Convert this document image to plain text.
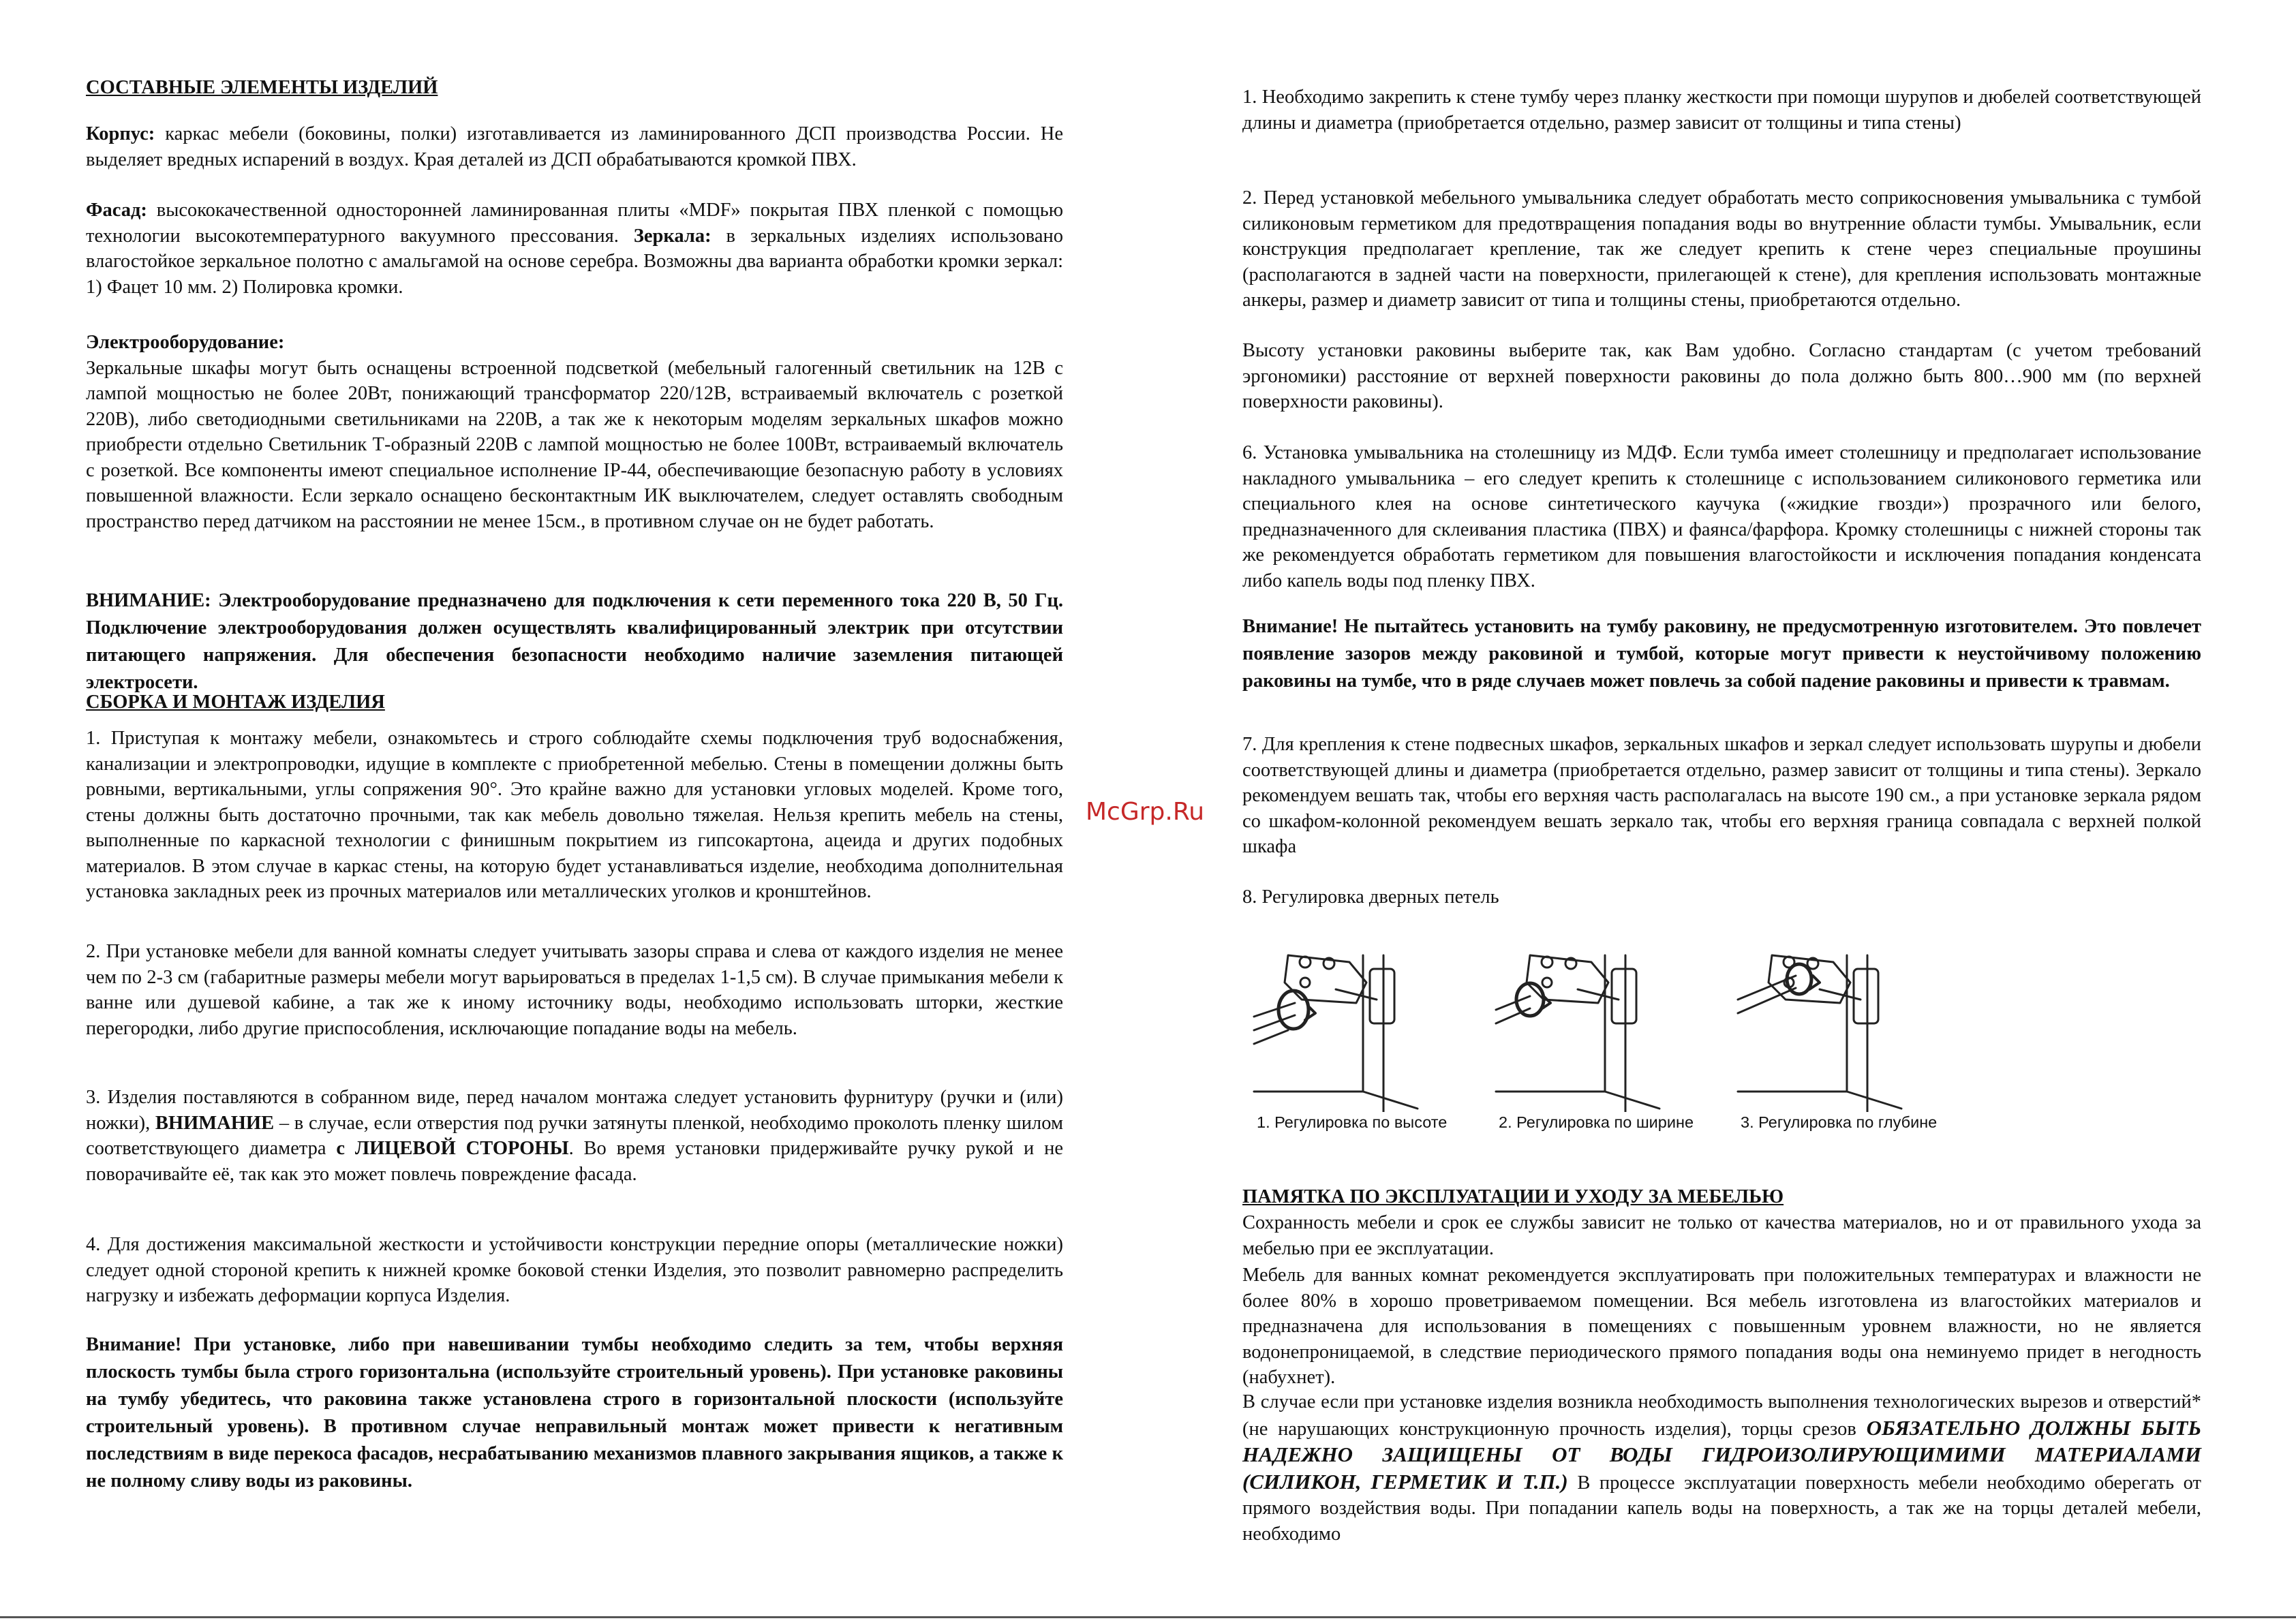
СОСТАВНЫЕ ЭЛЕМЕНТЫ ИЗДЕЛИЙ

Корпус: каркас мебели (боковины, полки) изготавливается из ламинированного ДСП производства России. Не выделяет вредных испарений в воздух. Края деталей из ДСП обрабатываются кромкой ПВХ.

Фасад: высококачественной односторонней ламинированная плиты «MDF» покрытая ПВХ пленкой с помощью технологии высокотемпературного вакуумного прессования. Зеркала: в зеркальных изделиях использовано влагостойкое зеркальное полотно с амальгамой на основе серебра. Возможны два варианта обработки кромки зеркал: 1) Фацет 10 мм. 2) Полировка кромки.

Электрооборудование:
Зеркальные шкафы могут быть оснащены встроенной подсветкой (мебельный галогенный светильник на 12В с лампой мощностью не более 20Вт, понижающий трансформатор 220/12В, встраиваемый включатель с розеткой 220В), либо светодиодными светильниками на 220В, а так же к некоторым моделям зеркальных шкафов можно приобрести отдельно Светильник Т-образный 220В с лампой мощностью не более 100Вт, встраиваемый включатель с розеткой. Все компоненты имеют специальное исполнение IP-44, обеспечивающие безопасную работу в условиях повышенной влажности. Если зеркало оснащено бесконтактным ИК выключателем, следует оставлять свободным пространство перед датчиком на расстоянии не менее 15см., в противном случае он не будет работать.

ВНИМАНИЕ: Электрооборудование предназначено для подключения к сети переменного тока 220 В, 50 Гц. Подключение электрооборудования должен осуществлять квалифицированный электрик при отсутствии питающего напряжения. Для обеспечения безопасности необходимо наличие заземления питающей электросети.

СБОРКА И МОНТАЖ ИЗДЕЛИЯ

1. Приступая к монтажу мебели, ознакомьтесь и строго соблюдайте схемы подключения труб водоснабжения, канализации и электропроводки, идущие в комплекте с приобретенной мебелью. Стены в помещении должны быть ровными, вертикальными, углы сопряжения 90°. Это крайне важно для установки угловых моделей. Кроме того, стены должны быть достаточно прочными, так как мебель довольно тяжелая. Нельзя крепить мебель на стены, выполненные по каркасной технологии с финишным покрытием из гипсокартона, ацеида и других подобных материалов. В этом случае в каркас стены, на которую будет устанавливаться изделие, необходима дополнительная установка закладных реек из прочных материалов или металлических уголков и кронштейнов.

2. При установке мебели для ванной комнаты следует учитывать зазоры справа и слева от каждого изделия не менее чем по 2-3 см (габаритные размеры мебели могут варьироваться в пределах 1-1,5 см). В случае примыкания мебели к ванне или душевой кабине, а так же к иному источнику воды, необходимо использовать шторки, жесткие перегородки, либо другие приспособления, исключающие попадание воды на мебель.

3. Изделия поставляются в собранном виде, перед началом монтажа следует установить фурнитуру (ручки и (или) ножки), ВНИМАНИЕ – в случае, если отверстия под ручки затянуты пленкой, необходимо проколоть пленку шилом соответствующего диаметра с ЛИЦЕВОЙ СТОРОНЫ. Во время установки придерживайте ручку рукой и не поворачивайте её, так как это может повлечь повреждение фасада.

4. Для достижения максимальной жесткости и устойчивости конструкции передние опоры (металлические ножки) следует одной стороной крепить к нижней кромке боковой стенки Изделия, это позволит равномерно распределить нагрузку и избежать деформации корпуса Изделия.

Внимание! При установке, либо при навешивании тумбы необходимо следить за тем, чтобы верхняя плоскость тумбы была строго горизонтальна (используйте строительный уровень). При установке раковины на тумбу убедитесь, что раковина также установлена строго в горизонтальной плоскости (используйте строительный уровень). В противном случае неправильный монтаж может привести к негативным последствиям в виде перекоса фасадов, несрабатыванию механизмов плавного закрывания ящиков, а также к не полному сливу воды из раковины.

McGrp.Ru

1. Необходимо закрепить к стене тумбу через планку жесткости при помощи шурупов и дюбелей соответствующей длины и диаметра (приобретается отдельно, размер зависит от толщины и типа стены)

2. Перед установкой мебельного умывальника следует обработать место соприкосновения умывальника с тумбой силиконовым герметиком для предотвращения попадания воды во внутренние области тумбы. Умывальник, если конструкция предполагает крепление, так же следует крепить к стене через специальные проушины (располагаются в задней части на поверхности, прилегающей к стене), для крепления использовать монтажные анкеры, размер и диаметр зависит от типа и толщины стены, приобретаются отдельно.

Высоту установки раковины выберите так, как Вам удобно. Согласно стандартам (с учетом требований эргономики) расстояние от верхней поверхности раковины до пола должно быть 800…900 мм (по верхней поверхности раковины).

6. Установка умывальника на столешницу из МДФ. Если тумба имеет столешницу и предполагает использование накладного умывальника – его следует крепить к столешнице с использованием силиконового герметика или специального клея на основе синтетического каучука («жидкие гвозди») прозрачного или белого, предназначенного для склеивания пластика (ПВХ) и фаянса/фарфора. Кромку столешницы с нижней стороны так же рекомендуется обработать герметиком для повышения влагостойкости и исключения попадания конденсата либо капель воды под пленку ПВХ.

Внимание! Не пытайтесь установить на тумбу раковину, не предусмотренную изготовителем. Это повлечет появление зазоров между раковиной и тумбой, которые могут привести к неустойчивому положению раковины на тумбе, что в ряде случаев может повлечь за собой падение раковины и привести к травмам.

7. Для крепления к стене подвесных шкафов, зеркальных шкафов и зеркал следует использовать шурупы и дюбели соответствующей длины и диаметра (приобретается отдельно, размер зависит от толщины и типа стены). Зеркало рекомендуем вешать так, чтобы его верхняя часть располагалась на высоте 190 см., а при установке зеркала рядом со шкафом-колонной рекомендуем вешать зеркало так, чтобы его верхняя граница совпадала с верхней полкой шкафа

8. Регулировка дверных петель

ПАМЯТКА ПО ЭКСПЛУАТАЦИИ И УХОДУ ЗА МЕБЕЛЬЮ

Сохранность мебели и срок ее службы зависит не только от качества материалов, но и от правильного ухода за мебелью при ее эксплуатации.

Мебель для ванных комнат рекомендуется эксплуатировать при положительных температурах и влажности не более 80% в хорошо проветриваемом помещении. Вся мебель изготовлена из влагостойких материалов и предназначена для использования в помещениях с повышенным уровнем влажности, но не является водонепроницаемой, в следствие периодического прямого попадания воды она неминуемо придет в негодность (набухнет).

В случае если при установке изделия возникла необходимость выполнения технологических вырезов и отверстий* (не нарушающих конструкционную прочность изделия), торцы срезов ОБЯЗАТЕЛЬНО ДОЛЖНЫ БЫТЬ НАДЕЖНО ЗАЩИЩЕНЫ ОТ ВОДЫ ГИДРОИЗОЛИРУЮЩИМИМИ МАТЕРИАЛАМИ (СИЛИКОН, ГЕРМЕТИК И Т.П.) В процессе эксплуатации поверхность мебели необходимо оберегать от прямого воздействия воды. При попадании капель воды на поверхность, а так же на торцы деталей мебели, необходимо

1. Регулировка по высоте	2. Регулировка по ширине	3. Регулировка по глубине
